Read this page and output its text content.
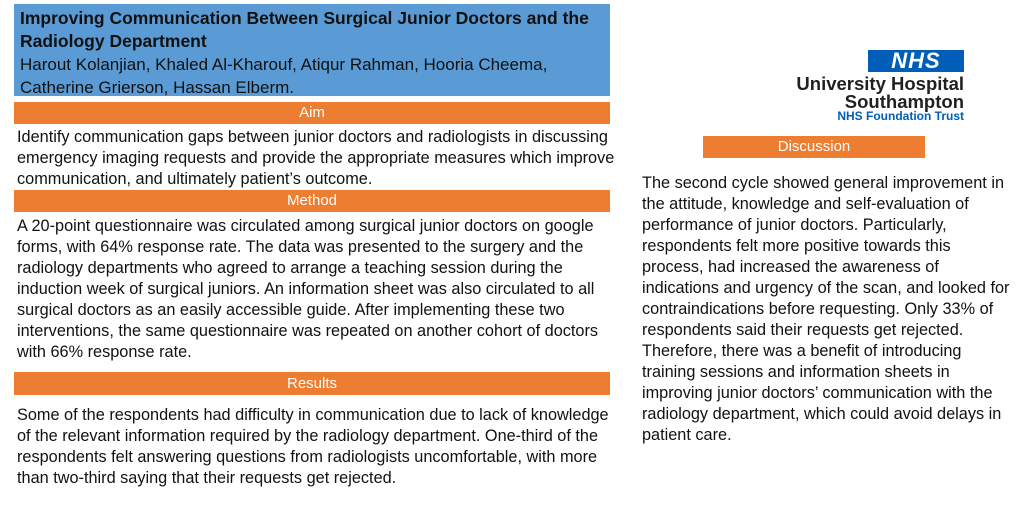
Improving Communication Between Surgical Junior Doctors and the Radiology Department

Harout Kolanjian, Khaled Al-Kharouf, Atiqur Rahman, Hooria Cheema, Catherine Grierson, Hassan Elberm.

NHS
University Hospital
Southampton
NHS Foundation Trust
Aim

Identify communication gaps between junior doctors and radiologists in discussing emergency imaging requests and provide the appropriate measures which improve communication, and ultimately patient’s outcome.

Method

A 20-point questionnaire was circulated among surgical junior doctors on google forms, with 64% response rate. The data was presented to the surgery and the radiology departments who agreed to arrange a teaching session during the induction week of surgical juniors. An information sheet was also circulated to all surgical doctors as an easily accessible guide. After implementing these two interventions, the same questionnaire was repeated on another cohort of doctors with 66% response rate.

Results

Some of the respondents had difficulty in communication due to lack of knowledge of the relevant information required by the radiology department. One-third of the respondents felt answering questions from radiologists uncomfortable, with more than two-third saying that their requests get rejected.

Discussion

The second cycle showed general improvement in the attitude, knowledge and self-evaluation of performance of junior doctors. Particularly, respondents felt more positive towards this process, had increased the awareness of indications and urgency of the scan, and looked for contraindications before requesting. Only 33% of respondents said their requests get rejected. Therefore, there was a benefit of introducing training sessions and information sheets in improving junior doctors’ communication with the radiology department, which could avoid delays in patient care.
